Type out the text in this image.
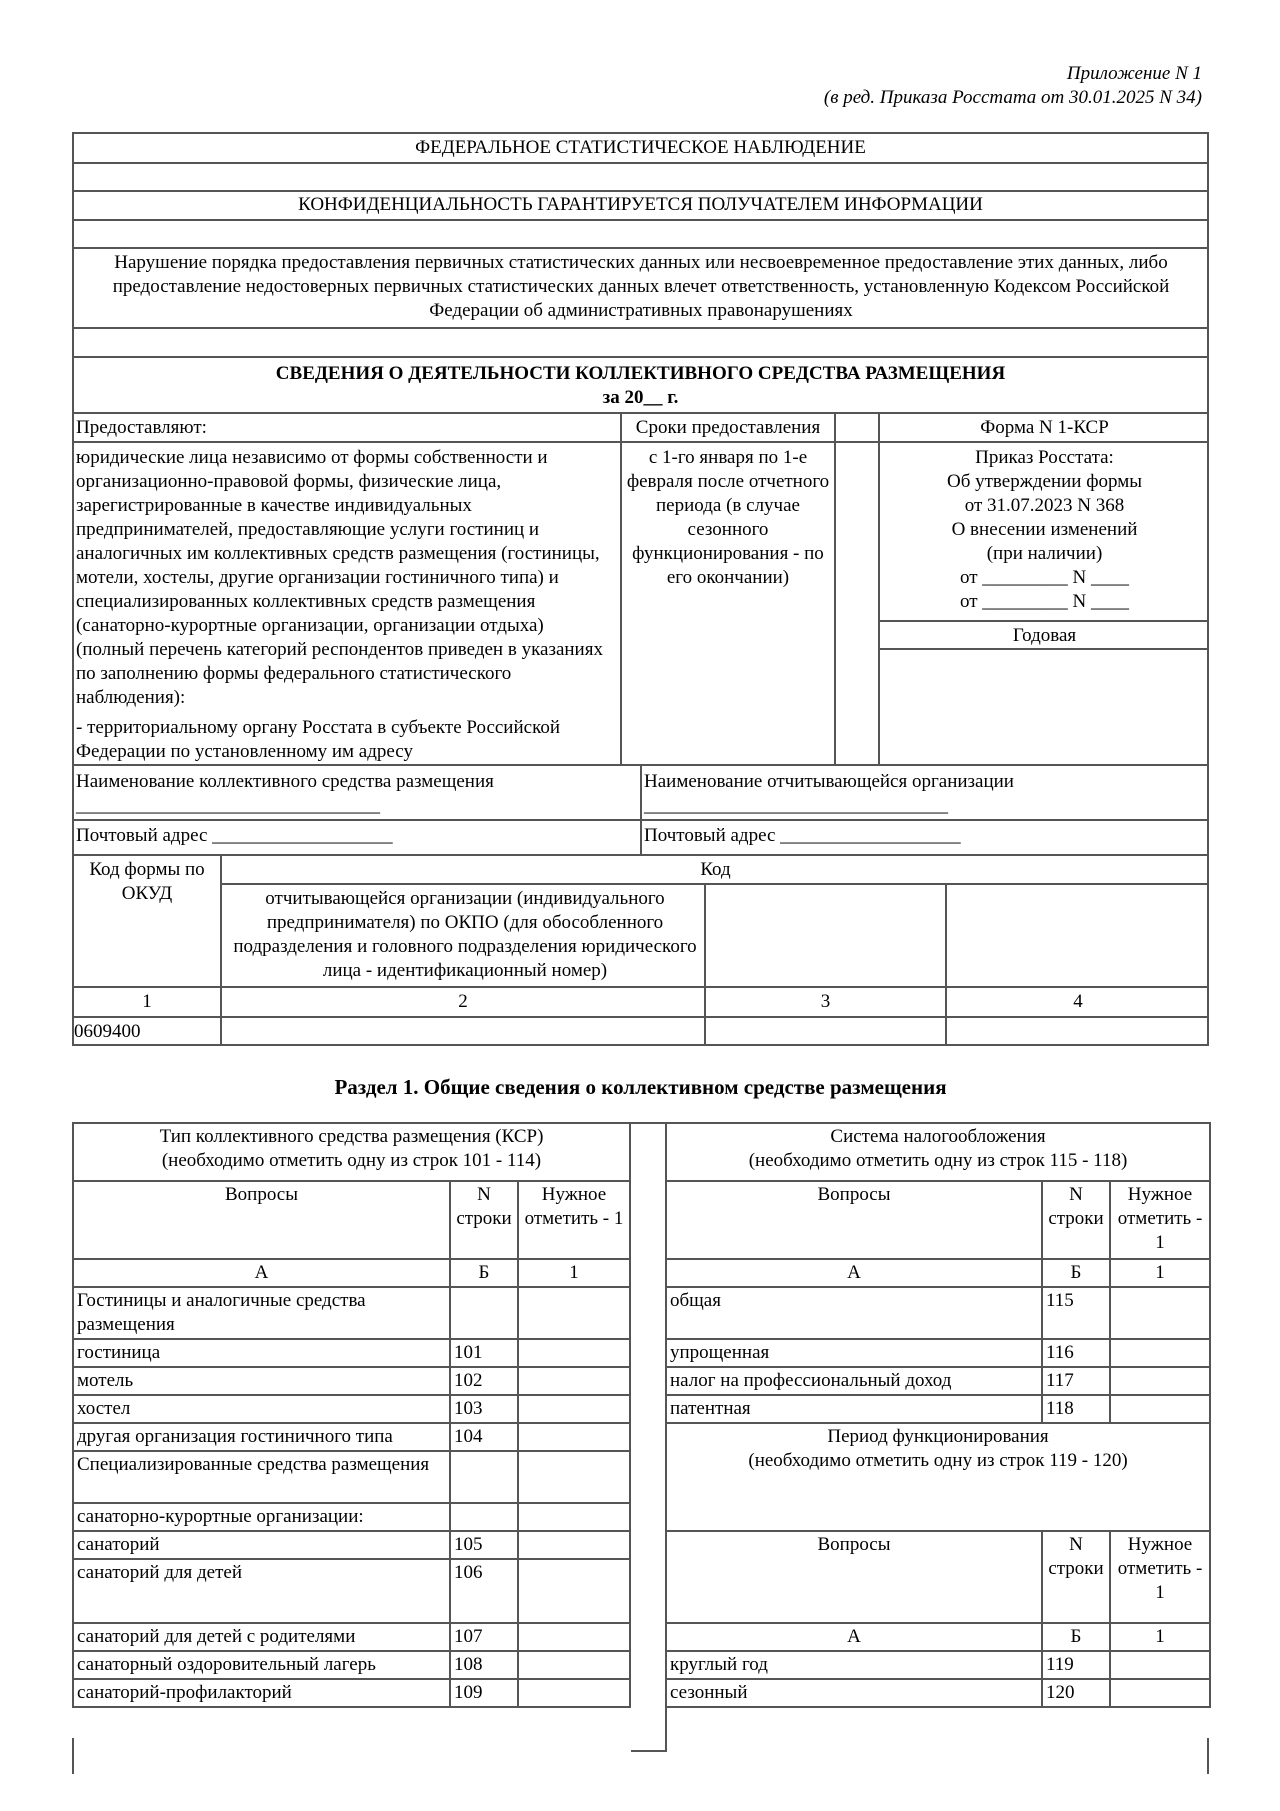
Приложение N 1
(в ред. Приказа Росстата от 30.01.2025 N 34)
ФЕДЕРАЛЬНОЕ СТАТИСТИЧЕСКОЕ НАБЛЮДЕНИЕ
КОНФИДЕНЦИАЛЬНОСТЬ ГАРАНТИРУЕТСЯ ПОЛУЧАТЕЛЕМ ИНФОРМАЦИИ
Нарушение порядка предоставления первичных статистических данных или несвоевременное предоставление этих данных, либо предоставление недостоверных первичных статистических данных влечет ответственность, установленную Кодексом Российской Федерации об административных правонарушениях
СВЕДЕНИЯ О ДЕЯТЕЛЬНОСТИ КОЛЛЕКТИВНОГО СРЕДСТВА РАЗМЕЩЕНИЯ
за 20__ г.
Предоставляют:	Сроки предоставления	Форма N 1-КСР
юридические лица независимо от формы собственности и организационно-правовой формы, физические лица, зарегистрированные в качестве индивидуальных предпринимателей, предоставляющие услуги гостиниц и аналогичных им коллективных средств размещения (гостиницы, мотели, хостелы, другие организации гостиничного типа) и специализированных коллективных средств размещения (санаторно-курортные организации, организации отдыха) (полный перечень категорий респондентов приведен в указаниях по заполнению формы федерального статистического наблюдения):
- территориальному органу Росстата в субъекте Российской Федерации по установленному им адресу
с 1-го января по 1-е февраля после отчетного периода (в случае сезонного функционирования - по его окончании)
Приказ Росстата:
Об утверждении формы
от 31.07.2023 N 368
О внесении изменений
(при наличии)
от _________ N ____
от _________ N ____
Годовая
Наименование коллективного средства размещения
________________________________
Наименование отчитывающейся организации
________________________________
Почтовый адрес ___________________	Почтовый адрес ___________________
Код формы по ОКУД
Код
отчитывающейся организации (индивидуального предпринимателя) по ОКПО (для обособленного подразделения и головного подразделения юридического лица - идентификационный номер)
1	2	3	4
0609400
Раздел 1. Общие сведения о коллективном средстве размещения
Тип коллективного средства размещения (КСР)
(необходимо отметить одну из строк 101 - 114)		

Вопросы	N строки	Нужное отметить - 1
А	Б	1
Гостиницы и аналогичные средства размещения		
гостиница	101	
мотель	102	
хостел	103	
другая организация гостиничного типа	104	
Специализированные средства размещения		
санаторно-курортные организации:		
санаторий	105	
санаторий для детей	106	
санаторий для детей с родителями	107	
санаторный оздоровительный лагерь	108	
санаторий-профилакторий	109	
Система налогообложения
(необходимо отметить одну из строк 115 - 118)		

Вопросы	N строки	Нужное отметить - 1
А	Б	1
общая	115	
упрощенная	116	
налог на профессиональный доход	117	
патентная	118	

Период функционирования
(необходимо отметить одну из строк 119 - 120)		

Вопросы	N строки	Нужное отметить - 1
А	Б	1
круглый год	119	
сезонный	120	
